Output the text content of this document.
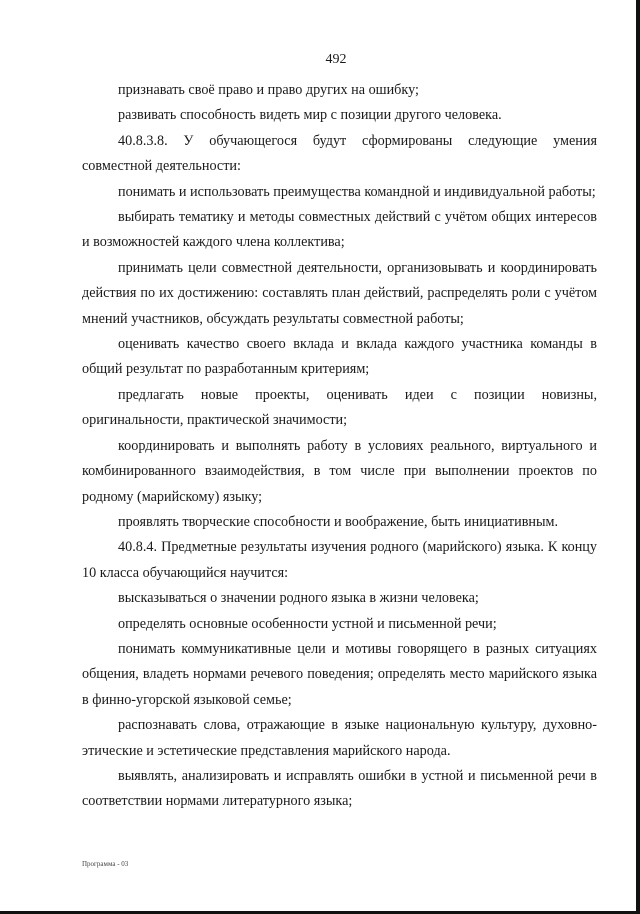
492

признавать своё право и право других на ошибку;

развивать способность видеть мир с позиции другого человека.

40.8.3.8. У обучающегося будут сформированы следующие умения совместной деятельности:

понимать и использовать преимущества командной и индивидуальной работы;

выбирать тематику и методы совместных действий с учётом общих интересов и возможностей каждого члена коллектива;

принимать цели совместной деятельности, организовывать и координировать действия по их достижению: составлять план действий, распределять роли с учётом мнений участников, обсуждать результаты совместной работы;

оценивать качество своего вклада и вклада каждого участника команды в общий результат по разработанным критериям;

предлагать новые проекты, оценивать идеи с позиции новизны, оригинальности, практической значимости;

координировать и выполнять работу в условиях реального, виртуального и комбинированного взаимодействия, в том числе при выполнении проектов по родному (марийскому) языку;

проявлять творческие способности и воображение, быть инициативным.

40.8.4. Предметные результаты изучения родного (марийского) языка. К концу 10 класса обучающийся научится:

высказываться о значении родного языка в жизни человека;

определять основные особенности устной и письменной речи;

понимать коммуникативные цели и мотивы говорящего в разных ситуациях общения, владеть нормами речевого поведения; определять место марийского языка в финно-угорской языковой семье;

распознавать слова, отражающие в языке национальную культуру, духовно-этические и эстетические представления марийского народа.

выявлять, анализировать и исправлять ошибки в устной и письменной речи в соответствии нормами литературного языка;

Программа - 03
